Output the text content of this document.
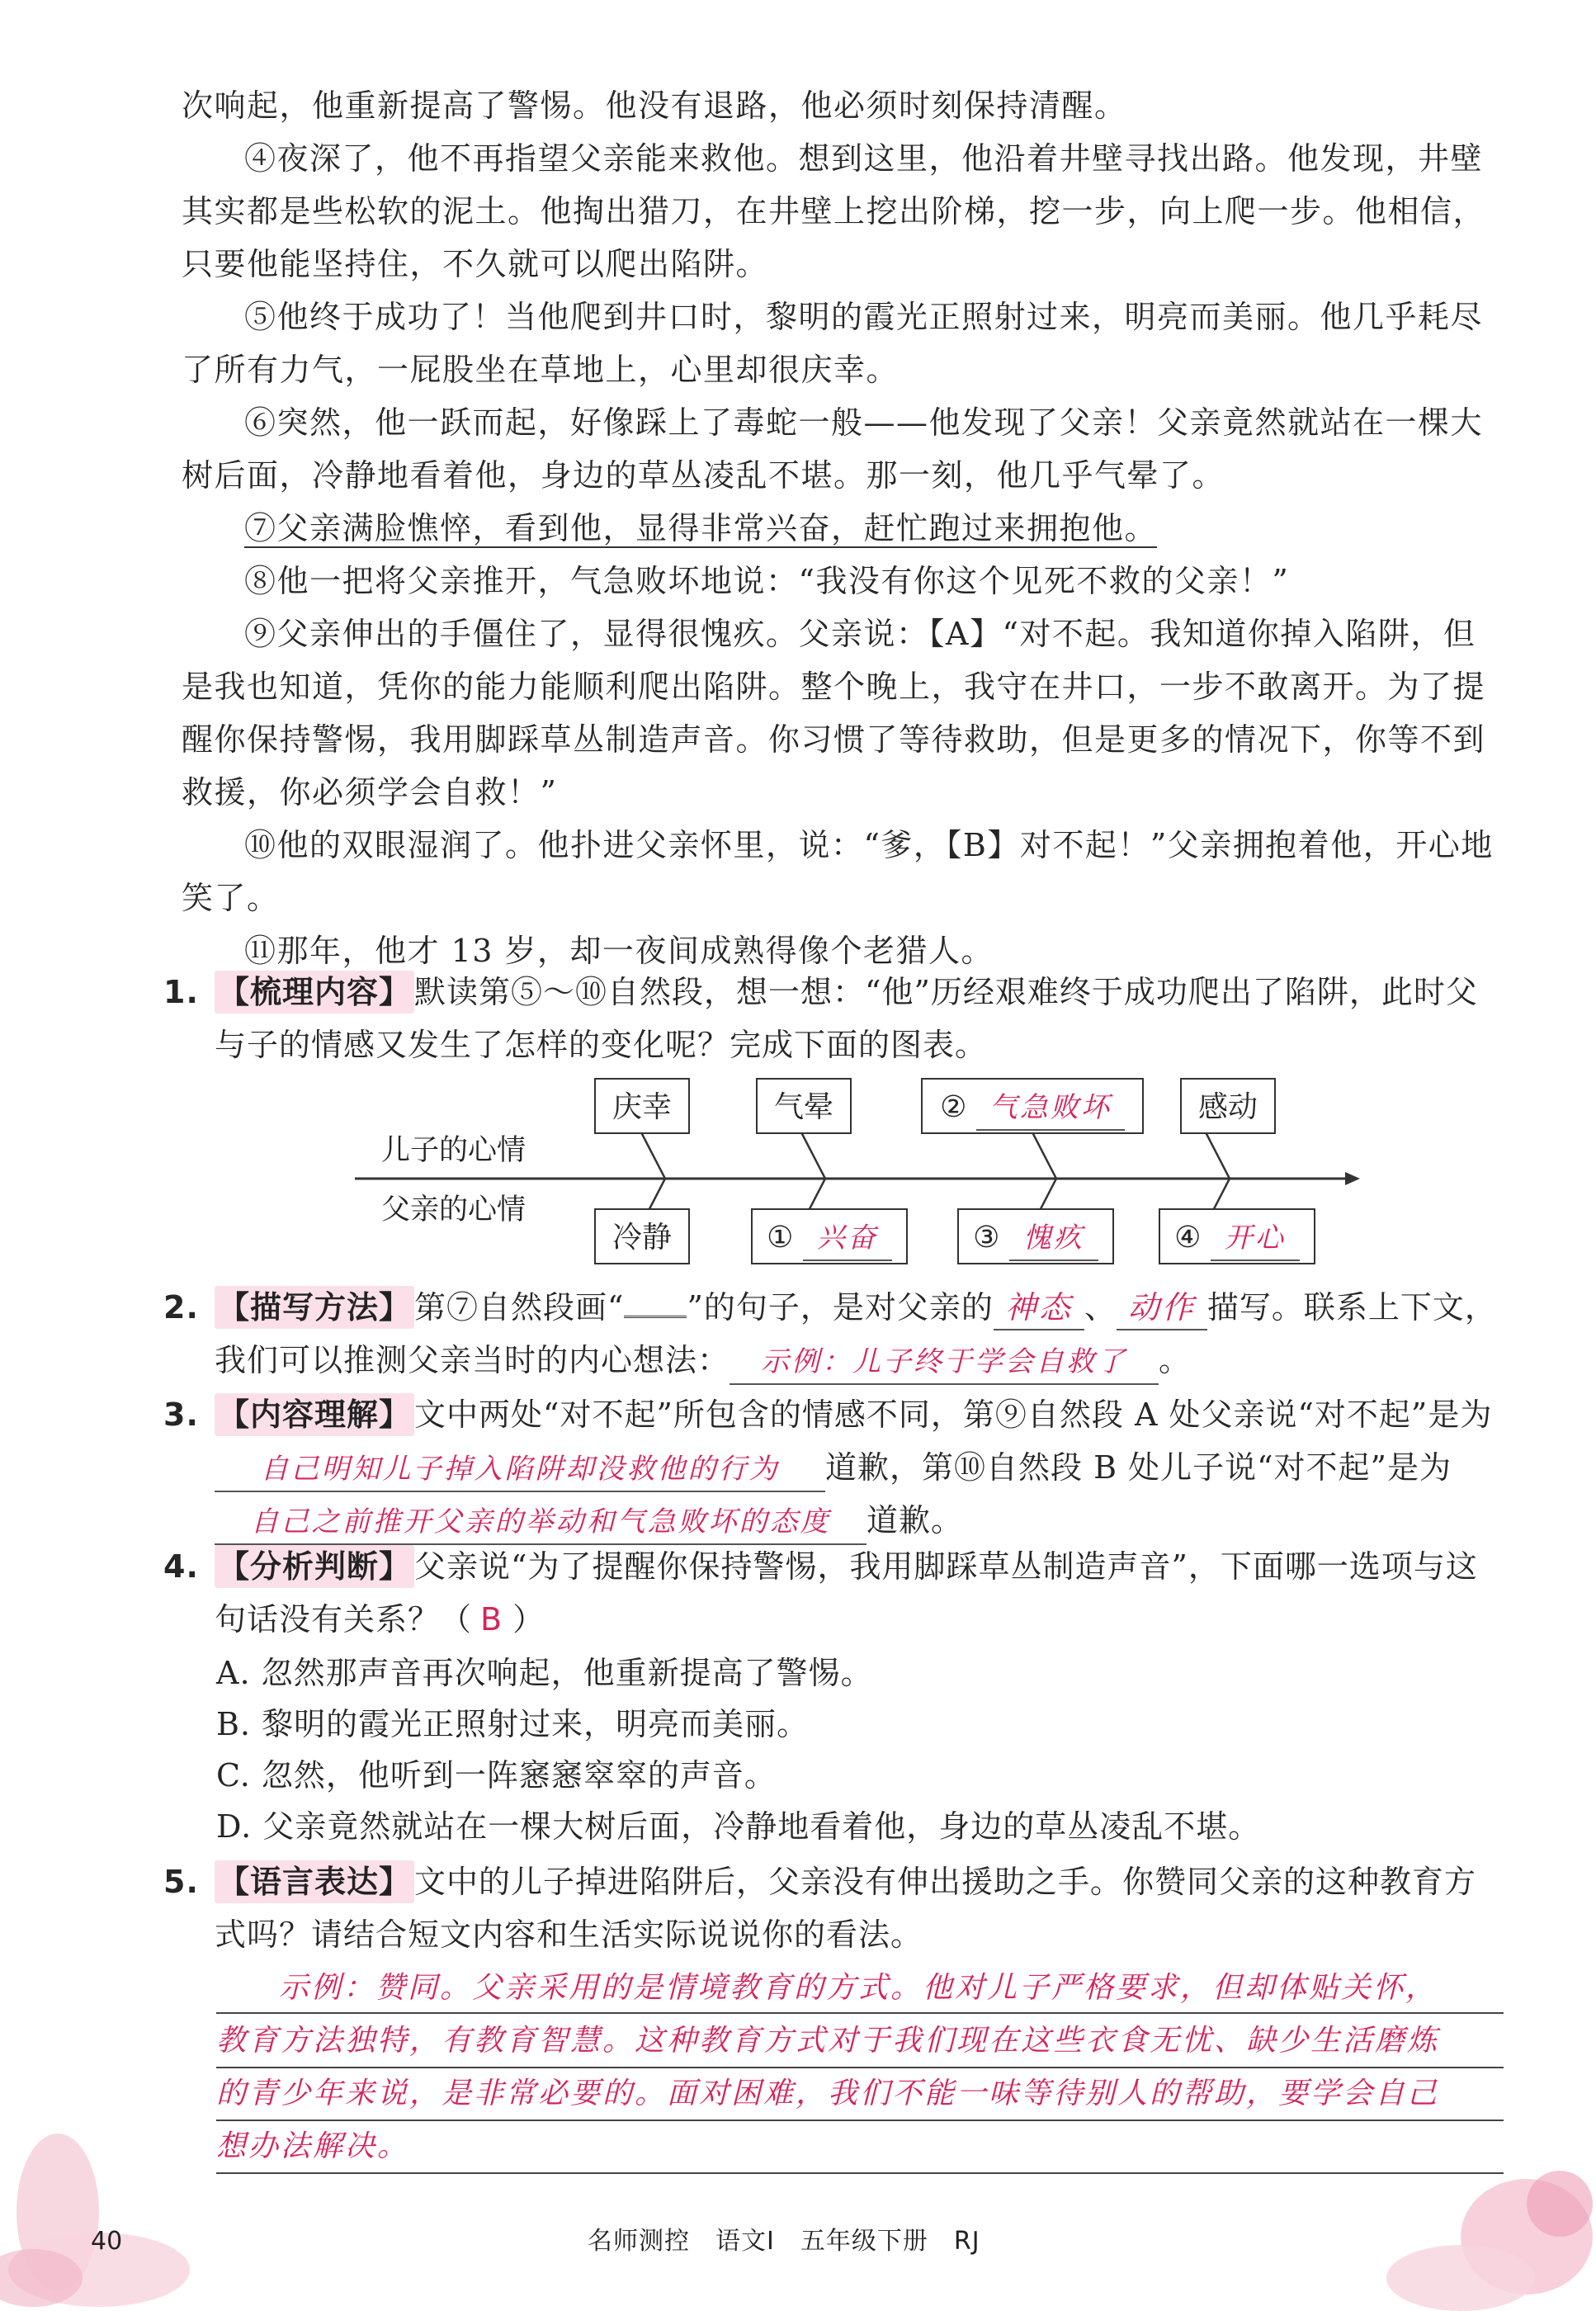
次响起，他重新提高了警惕。他没有退路，他必须时刻保持清醒。
④夜深了，他不再指望父亲能来救他。想到这里，他沿着井壁寻找出路。他发现，井壁其实都是些松软的泥土。他掏出猎刀，在井壁上挖出阶梯，挖一步，向上爬一步。他相信，只要他能坚持住，不久就可以爬出陷阱。
⑤他终于成功了！当他爬到井口时，黎明的霞光正照射过来，明亮而美丽。他几乎耗尽了所有力气，一屁股坐在草地上，心里却很庆幸。
⑥突然，他一跃而起，好像踩上了毒蛇一般——他发现了父亲！父亲竟然就站在一棵大树后面，冷静地看着他，身边的草丛凌乱不堪。那一刻，他几乎气晕了。
⑦父亲满脸憔悴，看到他，显得非常兴奋，赶忙跑过来拥抱他。
⑧他一把将父亲推开，气急败坏地说：“我没有你这个见死不救的父亲！”
⑨父亲伸出的手僵住了，显得很愧疚。父亲说：【A】“对不起。我知道你掉入陷阱，但是我也知道，凭你的能力能顺利爬出陷阱。整个晚上，我守在井口，一步不敢离开。为了提醒你保持警惕，我用脚踩草丛制造声音。你习惯了等待救助，但是更多的情况下，你等不到救援，你必须学会自救！”
⑩他的双眼湿润了。他扑进父亲怀里，说：“爹，【B】对不起！”父亲拥抱着他，开心地笑了。
⑪那年，他才 13 岁，却一夜间成熟得像个老猎人。
1. 【梳理内容】 默读第⑤～⑩自然段，想一想：“他”历经艰难终于成功爬出了陷阱，此时父与子的情感又发生了怎样的变化呢？完成下面的图表。
儿子的心情
父亲的心情
庆幸	气晕	② 气急败坏	感动
冷静	① 兴奋	③ 愧疚	④ 开心
2. 【描写方法】 第⑦自然段画“ ”的句子，是对父亲的 神态 、 动作 描写。联系上下文，我们可以推测父亲当时的内心想法： 示例：儿子终于学会自救了 。
3. 【内容理解】 文中两处“对不起”所包含的情感不同，第⑨自然段 A 处父亲说“对不起”是为自己明知儿子掉入陷阱却没救他的行为 道歉，第⑩自然段 B 处儿子说“对不起”是为自己之前推开父亲的举动和气急败坏的态度 道歉。
4. 【分析判断】 父亲说“为了提醒你保持警惕，我用脚踩草丛制造声音”，下面哪一选项与这句话没有关系？（ B ）
A. 忽然那声音再次响起，他重新提高了警惕。
B. 黎明的霞光正照射过来，明亮而美丽。
C. 忽然，他听到一阵窸窸窣窣的声音。
D. 父亲竟然就站在一棵大树后面，冷静地看着他，身边的草丛凌乱不堪。
5. 【语言表达】 文中的儿子掉进陷阱后，父亲没有伸出援助之手。你赞同父亲的这种教育方式吗？请结合短文内容和生活实际说说你的看法。
示例：赞同。父亲采用的是情境教育的方式。他对儿子严格要求，但却体贴关怀，
教育方法独特，有教育智慧。这种教育方式对于我们现在这些衣食无忧、缺少生活磨炼
的青少年来说，是非常必要的。面对困难，我们不能一味等待别人的帮助，要学会自己
想办法解决。
40	名师测控　语文Ⅰ　五年级下册　RJ
